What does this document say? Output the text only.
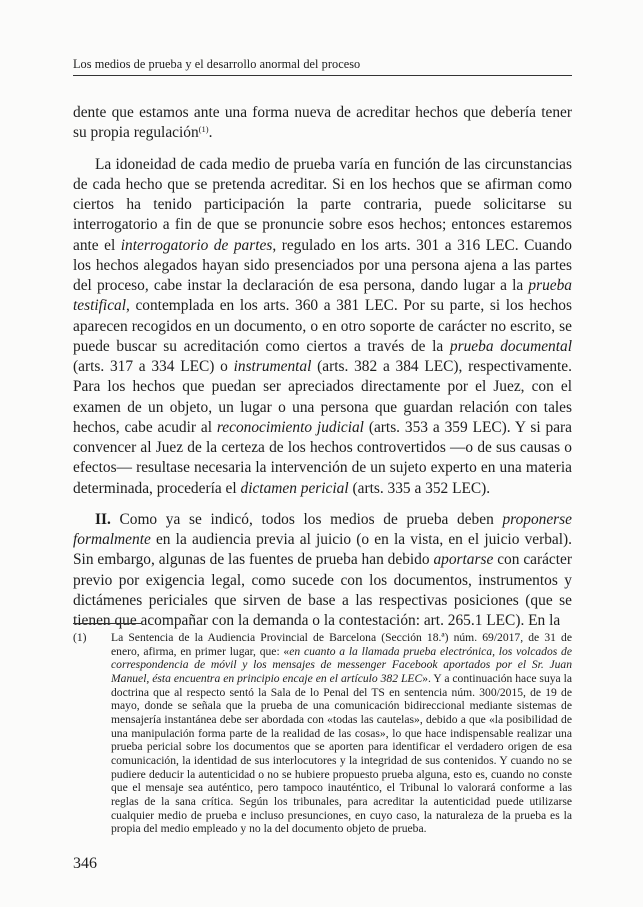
Los medios de prueba y el desarrollo anormal del proceso

dente que estamos ante una forma nueva de acreditar hechos que debería tener su propia regulación$^{(1)}$.

La idoneidad de cada medio de prueba varía en función de las circunstancias de cada hecho que se pretenda acreditar. Si en los hechos que se afirman como ciertos ha tenido participación la parte contraria, puede solicitarse su interrogatorio a fin de que se pronuncie sobre esos hechos; entonces estaremos ante el interrogatorio de partes, regulado en los arts. 301 a 316 LEC. Cuando los hechos alegados hayan sido presenciados por una persona ajena a las partes del proceso, cabe instar la declaración de esa persona, dando lugar a la prueba testifical, contemplada en los arts. 360 a 381 LEC. Por su parte, si los hechos aparecen recogidos en un documento, o en otro soporte de carácter no escrito, se puede buscar su acreditación como ciertos a través de la prueba documental (arts. 317 a 334 LEC) o instrumental (arts. 382 a 384 LEC), respectivamente. Para los hechos que puedan ser apreciados directamente por el Juez, con el examen de un objeto, un lugar o una persona que guardan relación con tales hechos, cabe acudir al reconocimiento judicial (arts. 353 a 359 LEC). Y si para convencer al Juez de la certeza de los hechos controvertidos —o de sus causas o efectos— resultase necesaria la intervención de un sujeto experto en una materia determinada, procedería el dictamen pericial (arts. 335 a 352 LEC).

II. Como ya se indicó, todos los medios de prueba deben proponerse formalmente en la audiencia previa al juicio (o en la vista, en el juicio verbal). Sin embargo, algunas de las fuentes de prueba han debido aportarse con carácter previo por exigencia legal, como sucede con los documentos, instrumentos y dictámenes periciales que sirven de base a las respectivas posiciones (que se tienen que acompañar con la demanda o la contestación: art. 265.1 LEC). En la

(1) La Sentencia de la Audiencia Provincial de Barcelona (Sección 18.ª) núm. 69/2017, de 31 de enero, afirma, en primer lugar, que: «en cuanto a la llamada prueba electrónica, los volcados de correspondencia de móvil y los mensajes de messenger Facebook aportados por el Sr. Juan Manuel, ésta encuentra en principio encaje en el artículo 382 LEC». Y a continuación hace suya la doctrina que al respecto sentó la Sala de lo Penal del TS en sentencia núm. 300/2015, de 19 de mayo, donde se señala que la prueba de una comunicación bidireccional mediante sistemas de mensajería instantánea debe ser abordada con «todas las cautelas», debido a que «la posibilidad de una manipulación forma parte de la realidad de las cosas», lo que hace indispensable realizar una prueba pericial sobre los documentos que se aporten para identificar el verdadero origen de esa comunicación, la identidad de sus interlocutores y la integridad de sus contenidos. Y cuando no se pudiere deducir la autenticidad o no se hubiere propuesto prueba alguna, esto es, cuando no conste que el mensaje sea auténtico, pero tampoco inauténtico, el Tribunal lo valorará conforme a las reglas de la sana crítica. Según los tribunales, para acreditar la autenticidad puede utilizarse cualquier medio de prueba e incluso presunciones, en cuyo caso, la naturaleza de la prueba es la propia del medio empleado y no la del documento objeto de prueba.
346
